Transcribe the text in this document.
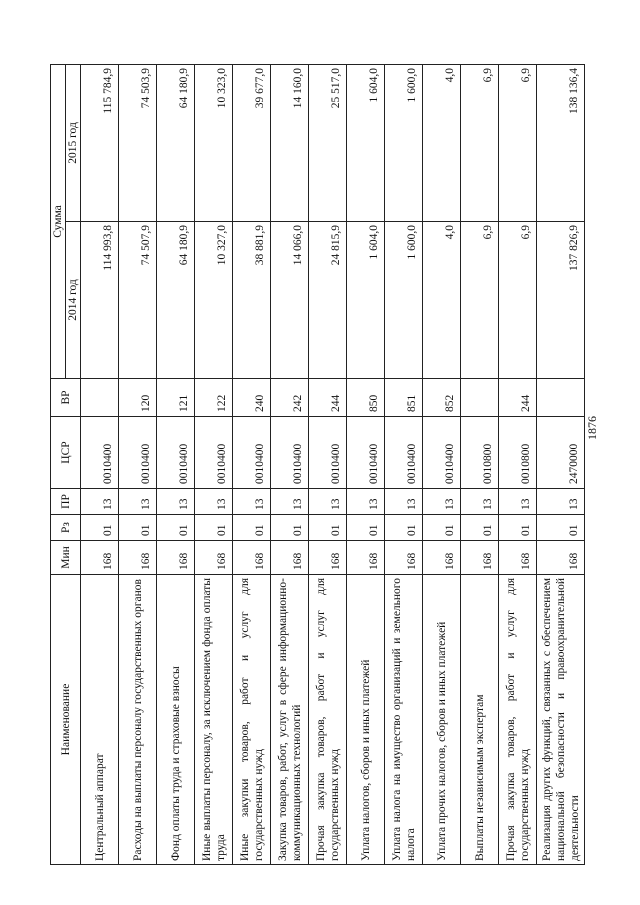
1876
Наименование	Мин	Рз	ПР	ЦСР	ВР	Сумма	
						2014 год	2015 год
Центральный аппарат	168	01	13	0010400		114 993,8	115 784,9
Расходы на выплаты персоналу государственных органов	168	01	13	0010400	120	74 507,9	74 503,9
Фонд оплаты труда и страховые взносы	168	01	13	0010400	121	64 180,9	64 180,9
Иные выплаты персоналу, за исключением фонда оплаты труда	168	01	13	0010400	122	10 327,0	10 323,0
Иные закупки товаров, работ и услуг для государственных нужд	168	01	13	0010400	240	38 881,9	39 677,0
Закупка товаров, работ, услуг в сфере информационно-коммуникационных технологий	168	01	13	0010400	242	14 066,0	14 160,0
Прочая закупка товаров, работ и услуг для государственных нужд	168	01	13	0010400	244	24 815,9	25 517,0
Уплата налогов, сборов и иных платежей	168	01	13	0010400	850	1 604,0	1 604,0
Уплата налога на имущество организаций и земельного налога	168	01	13	0010400	851	1 600,0	1 600,0
Уплата прочих налогов, сборов и иных платежей	168	01	13	0010400	852	4,0	4,0
Выплаты независимым экспертам	168	01	13	0010800		6,9	6,9
Прочая закупка товаров, работ и услуг для государственных нужд	168	01	13	0010800	244	6,9	6,9
Реализация других функций, связанных с обеспечением национальной безопасности и правоохранительной деятельности	168	01	13	2470000		137 826,9	138 136,4
